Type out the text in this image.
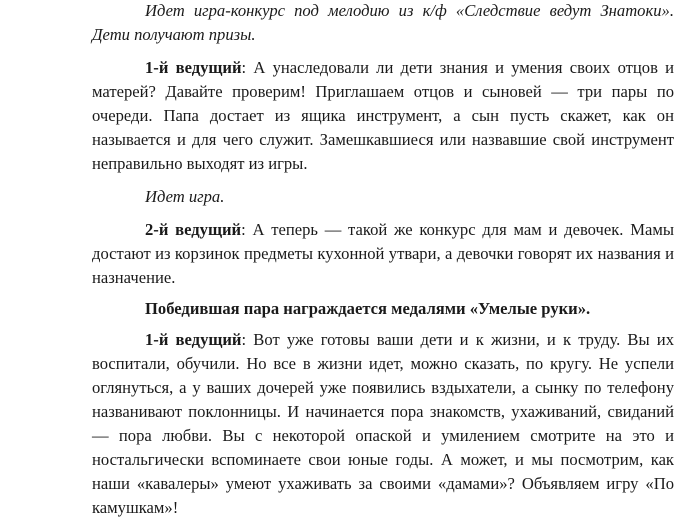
Идет игра-конкурс под мелодию из к/ф «Следствие ведут Знатоки». Дети получают призы.

1-й ведущий: А унаследовали ли дети знания и умения своих отцов и матерей? Давайте проверим! Приглашаем отцов и сыновей — три пары по очереди. Папа достает из ящика инструмент, а сын пусть скажет, как он называется и для чего служит. Замешкавшиеся или назвавшие свой инструмент неправильно выходят из игры.

Идет игра.

2-й ведущий: А теперь — такой же конкурс для мам и девочек. Мамы достают из корзинок предметы кухонной утвари, а девочки говорят их названия и назначение.

Победившая пара награждается медалями «Умелые руки».

1-й ведущий: Вот уже готовы ваши дети и к жизни, и к труду. Вы их воспитали, обучили. Но все в жизни идет, можно сказать, по кругу. Не успели оглянуться, а у ваших дочерей уже появились вздыхатели, а сынку по телефону названивают поклонницы. И начинается пора знакомств, ухаживаний, свиданий — пора любви. Вы с некоторой опаской и умилением смотрите на это и ностальгически вспоминаете свои юные годы. А может, и мы посмотрим, как наши «кавалеры» умеют ухаживать за своими «дамами»? Объявляем игру «По камушкам»!
